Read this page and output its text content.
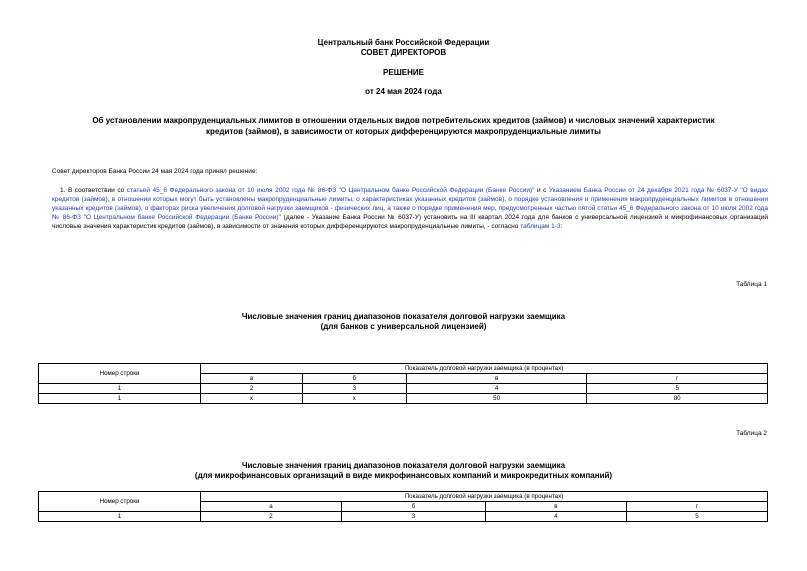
Центральный банк Российской Федерации
СОВЕТ ДИРЕКТОРОВ
РЕШЕНИЕ
от 24 мая 2024 года
Об установлении макропруденциальных лимитов в отношении отдельных видов потребительских кредитов (займов) и числовых значений характеристик
кредитов (займов), в зависимости от которых дифференцируются макропруденциальные лимиты
Совет директоров Банка России 24 мая 2024 года принял решение:
1. В соответствии со статьей 45_6 Федерального закона от 10 июля 2002 года № 86-ФЗ "О Центральном банке Российской Федерации (Банке России)" и с Указанием Банка России от 24 декабря 2021 года № 6037-У "О видах кредитов (займов), в отношении которых могут быть установлены макропруденциальные лимиты, о характеристиках указанных кредитов (займов), о порядке установления и применения макропруденциальных лимитов в отношении указанных кредитов (займов), о факторах риска увеличения долговой нагрузки заемщиков - физических лиц, а также о порядке применения мер, предусмотренных частью пятой статьи 45_6 Федерального закона от 10 июля 2002 года № 86-ФЗ "О Центральном банке Российской Федерации (Банке России)" (далее - Указание Банка России № 6037-У) установить на III квартал 2024 года для банков с универсальной лицензией и микрофинансовых организаций числовые значения характеристик кредитов (займов), в зависимости от значения которых дифференцируются макропруденциальные лимиты, - согласно таблицам 1-3:
Таблица 1
Числовые значения границ диапазонов показателя долговой нагрузки заемщика
(для банков с универсальной лицензией)
Номер строки	Показатель долговой нагрузки заемщика (в процентах)			
	а	б	в	г
1	2	3	4	5
1	x	x	50	80
Таблица 2
Числовые значения границ диапазонов показателя долговой нагрузки заемщика
(для микрофинансовых организаций в виде микрофинансовых компаний и микрокредитных компаний)
Номер строки	Показатель долговой нагрузки заемщика (в процентах)			
	а	б	в	г
1	2	3	4	5
